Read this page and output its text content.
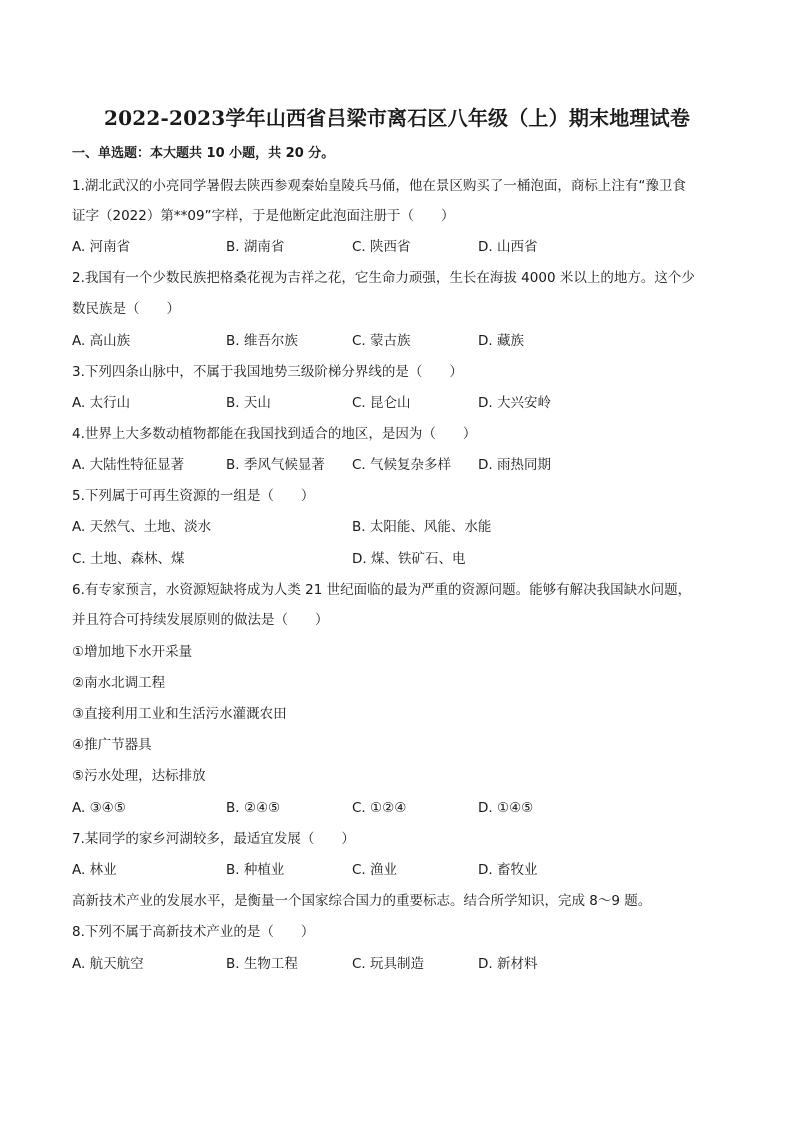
2022-2023学年山西省吕梁市离石区八年级（上）期末地理试卷
一、单选题：本大题共 10 小题，共 20 分。
1.湖北武汉的小亮同学暑假去陕西参观秦始皇陵兵马俑，他在景区购买了一桶泡面，商标上注有“豫卫食
证字（2022）第**09”字样，于是他断定此泡面注册于（　　）
A. 河南省	B. 湖南省	C. 陕西省	D. 山西省
2.我国有一个少数民族把格桑花视为吉祥之花，它生命力顽强，生长在海拔 4000 米以上的地方。这个少
数民族是（　　）
A. 高山族	B. 维吾尔族	C. 蒙古族	D. 藏族
3.下列四条山脉中，不属于我国地势三级阶梯分界线的是（　　）
A. 太行山	B. 天山	C. 昆仑山	D. 大兴安岭
4.世界上大多数动植物都能在我国找到适合的地区，是因为（　　）
A. 大陆性特征显著	B. 季风气候显著 C. 气候复杂多样 D. 雨热同期
5.下列属于可再生资源的一组是（　　）
A. 天然气、土地、淡水	B. 太阳能、风能、水能
C. 土地、森林、煤	D. 煤、铁矿石、电
6.有专家预言，水资源短缺将成为人类 21 世纪面临的最为严重的资源问题。能够有解决我国缺水问题，
并且符合可持续发展原则的做法是（　　）
①增加地下水开采量
②南水北调工程
③直接利用工业和生活污水灌溉农田
④推广节器具
⑤污水处理，达标排放
A. ③④⑤	B. ②④⑤	C. ①②④	D. ①④⑤
7.某同学的家乡河湖较多，最适宜发展（　　）
A. 林业	B. 种植业	C. 渔业	D. 畜牧业
高新技术产业的发展水平，是衡量一个国家综合国力的重要标志。结合所学知识，完成 8～9 题。
8.下列不属于高新技术产业的是（　　）
A. 航天航空	B. 生物工程	C. 玩具制造	D. 新材料
